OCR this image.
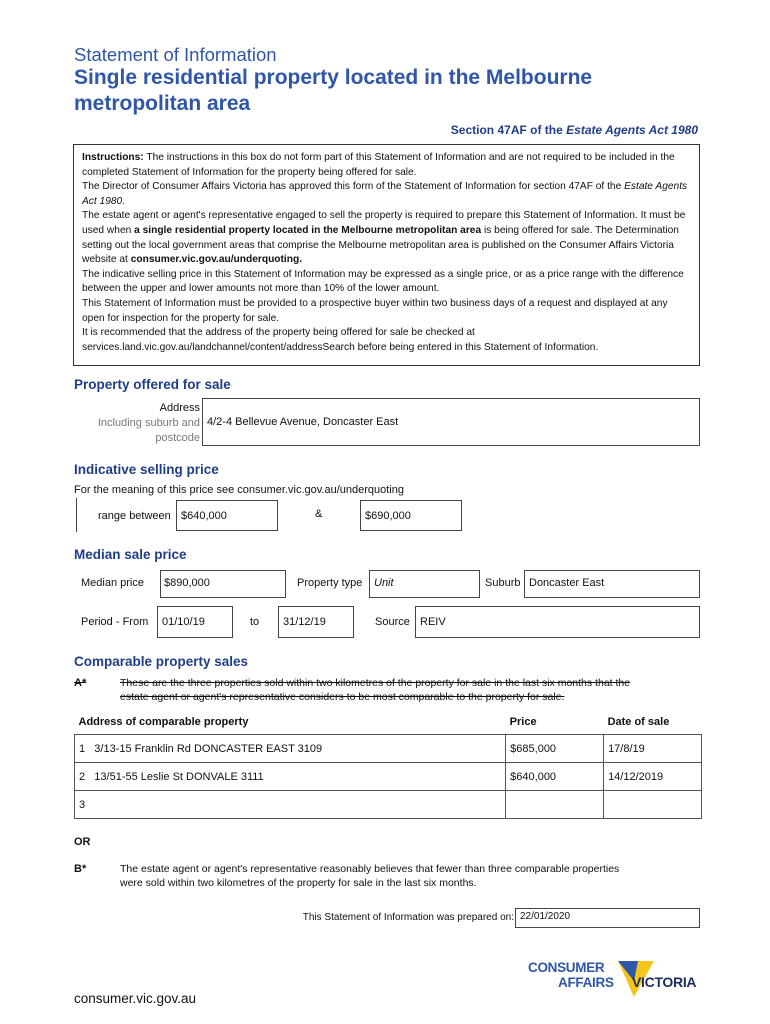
Statement of Information
Single residential property located in the Melbourne
metropolitan area
Section 47AF of the Estate Agents Act 1980

Instructions: The instructions in this box do not form part of this Statement of Information and are not required to be included in the completed Statement of Information for the property being offered for sale.

The Director of Consumer Affairs Victoria has approved this form of the Statement of Information for section 47AF of the Estate Agents Act 1980.

The estate agent or agent's representative engaged to sell the property is required to prepare this Statement of Information. It must be used when a single residential property located in the Melbourne metropolitan area is being offered for sale. The Determination setting out the local government areas that comprise the Melbourne metropolitan area is published on the Consumer Affairs Victoria website at consumer.vic.gov.au/underquoting.

The indicative selling price in this Statement of Information may be expressed as a single price, or as a price range with the difference between the upper and lower amounts not more than 10% of the lower amount.

This Statement of Information must be provided to a prospective buyer within two business days of a request and displayed at any open for inspection for the property for sale.

It is recommended that the address of the property being offered for sale be checked at services.land.vic.gov.au/landchannel/content/addressSearch before being entered in this Statement of Information.

Property offered for sale
Address
Including suburb and
postcode
4/2-4 Bellevue Avenue, Doncaster East
Indicative selling price
For the meaning of this price see consumer.vic.gov.au/underquoting
range between $640,000	&	$690,000
Median sale price
Median price $890,000	Property type Unit	Suburb Doncaster East
Period - From 01/10/19	to 31/12/19	Source REIV
Comparable property sales
A*	These are the three properties sold within two kilometres of the property for sale in the last six months that the
estate agent or agent's representative considers to be most comparable to the property for sale.
Address of comparable property	Price	Date of sale
1 3/13-15 Franklin Rd DONCASTER EAST 3109	$685,000	17/8/19
2 13/51-55 Leslie St DONVALE 3111	$640,000	14/12/2019
3		
OR
B*	The estate agent or agent's representative reasonably believes that fewer than three comparable properties
were sold within two kilometres of the property for sale in the last six months.
This Statement of Information was prepared on: 22/01/2020
CONSUMER
AFFAIRS VICTORIA
consumer.vic.gov.au
